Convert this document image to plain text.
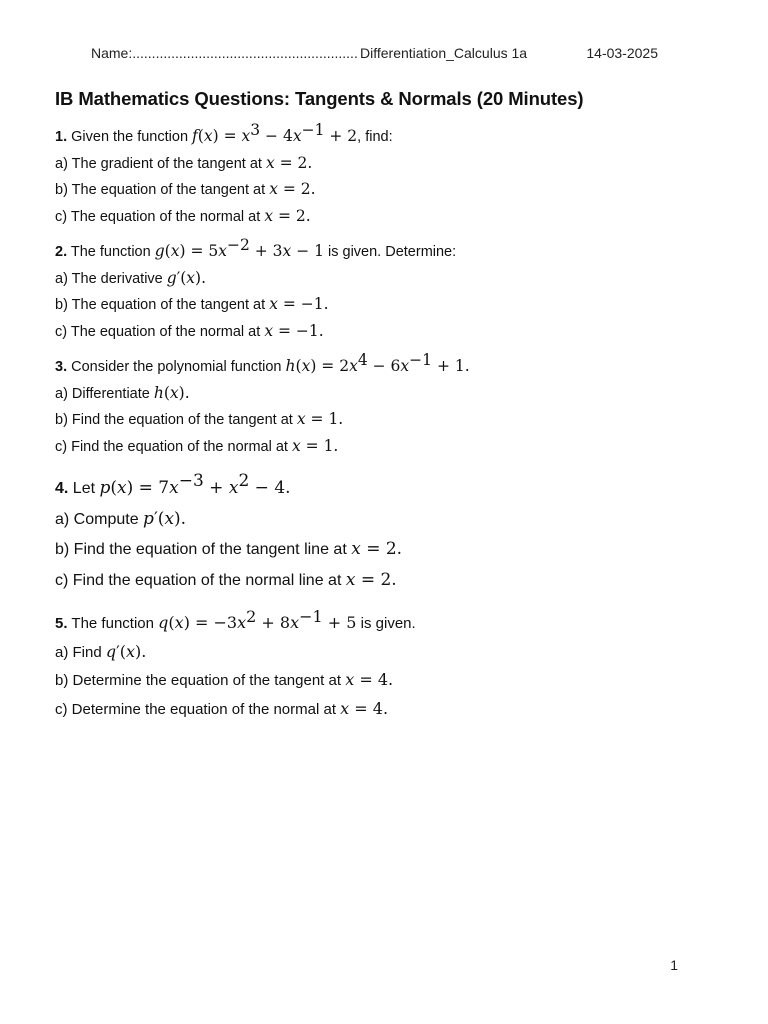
Name:.......................................................... Differentiation_Calculus 1a	14-03-2025
IB Mathematics Questions: Tangents & Normals (20 Minutes)
1. Given the function $f(x) = x^3 - 4x^{-1} + 2$, find:
a) The gradient of the tangent at x = 2.
b) The equation of the tangent at x = 2.
c) The equation of the normal at x = 2.
2. The function $g(x) = 5x^{-2} + 3x - 1$ is given. Determine:
a) The derivative g′(x).
b) The equation of the tangent at x = −1.
c) The equation of the normal at x = −1.
3. Consider the polynomial function $h(x) = 2x^4 - 6x^{-1} + 1$.
a) Differentiate h(x).
b) Find the equation of the tangent at x = 1.
c) Find the equation of the normal at x = 1.
4. Let $p(x) = 7x^{-3} + x^2 - 4$.
a) Compute p′(x).
b) Find the equation of the tangent line at x = 2.
c) Find the equation of the normal line at x = 2.
5. The function $q(x) = -3x^2 + 8x^{-1} + 5$ is given.
a) Find q′(x).
b) Determine the equation of the tangent at x = 4.
c) Determine the equation of the normal at x = 4.
1
